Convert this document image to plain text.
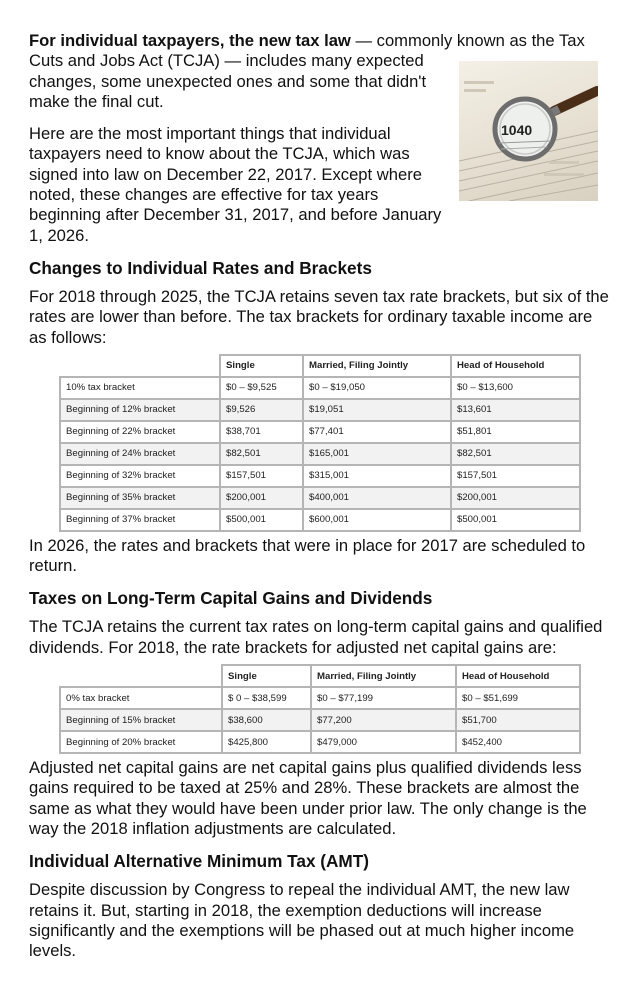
1040

For individual taxpayers, the new tax law — commonly known as the Tax
Cuts and Jobs Act (TCJA) — includes many expected changes, some unexpected ones and some that didn't make the final cut.

Here are the most important things that individual taxpayers need to know about the TCJA, which was signed into law on December 22, 2017. Except where noted, these changes are effective for tax years beginning after December 31, 2017, and before January 1, 2026.

Changes to Individual Rates and Brackets

For 2018 through 2025, the TCJA retains seven tax rate brackets, but six of the rates are lower than before. The tax brackets for ordinary taxable income are as follows:

	Single	Married, Filing Jointly	Head of Household
10% tax bracket	$0 – $9,525	$0 – $19,050	$0 – $13,600
Beginning of 12% bracket	$9,526	$19,051	$13,601
Beginning of 22% bracket	$38,701	$77,401	$51,801
Beginning of 24% bracket	$82,501	$165,001	$82,501
Beginning of 32% bracket	$157,501	$315,001	$157,501
Beginning of 35% bracket	$200,001	$400,001	$200,001
Beginning of 37% bracket	$500,001	$600,001	$500,001

In 2026, the rates and brackets that were in place for 2017 are scheduled to return.

Taxes on Long-Term Capital Gains and Dividends

The TCJA retains the current tax rates on long-term capital gains and qualified dividends. For 2018, the rate brackets for adjusted net capital gains are:

	Single	Married, Filing Jointly	Head of Household
0% tax bracket	$ 0 – $38,599	$0 – $77,199	$0 – $51,699
Beginning of 15% bracket	$38,600	$77,200	$51,700
Beginning of 20% bracket	$425,800	$479,000	$452,400

Adjusted net capital gains are net capital gains plus qualified dividends less gains required to be taxed at 25% and 28%. These brackets are almost the same as what they would have been under prior law. The only change is the way the 2018 inflation adjustments are calculated.

Individual Alternative Minimum Tax (AMT)

Despite discussion by Congress to repeal the individual AMT, the new law retains it. But, starting in 2018, the exemption deductions will increase significantly and the exemptions will be phased out at much higher income levels.
